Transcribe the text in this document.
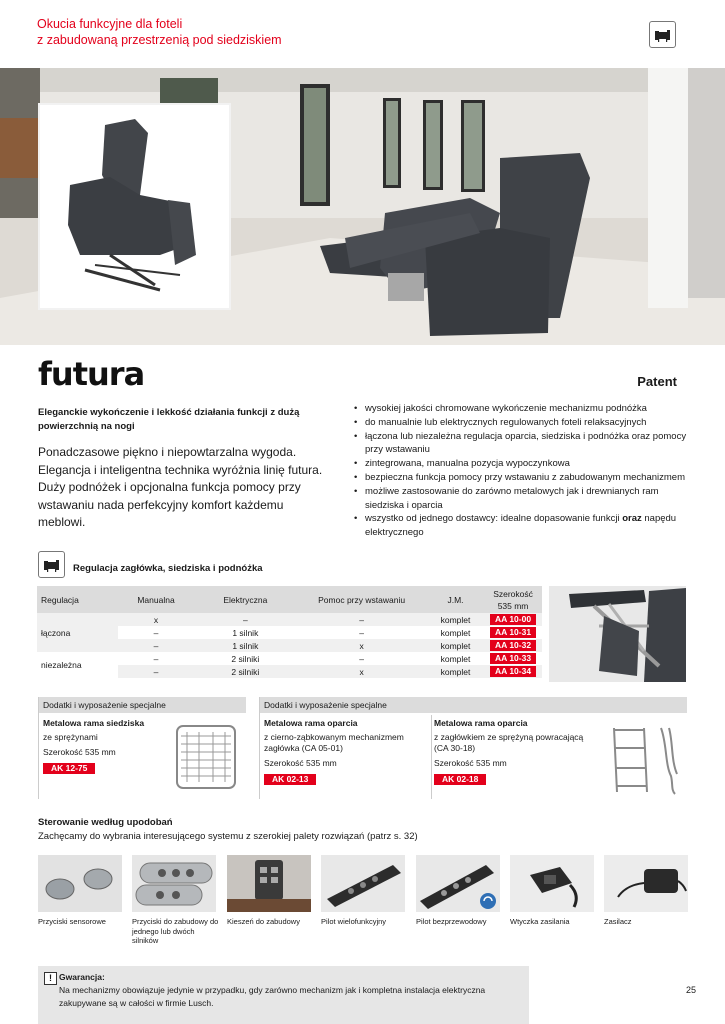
Okucia funkcyjne dla foteli
z zabudowaną przestrzenią pod siedziskiem
futura	Patent
Eleganckie wykończenie i lekkość działania funkcji z dużą powierzchnią na nogi
Ponadczasowe piękno i niepowtarzalna wygoda. Elegancja i inteligentna technika wyróżnia linię futura. Duży podnóżek i opcjonalna funkcja pomocy przy wstawaniu nada perfekcyjny komfort każdemu meblowi.
• wysokiej jakości chromowane wykończenie mechanizmu podnóżka
• do manualnie lub elektrycznych regulowanych foteli relaksacyjnych
• łączona lub niezależna regulacja oparcia, siedziska i podnóżka oraz pomocy przy wstawaniu
• zintegrowana, manualna pozycja wypoczynkowa
• bezpieczna funkcja pomocy przy wstawaniu z zabudowanym mechanizmem
• możliwe zastosowanie do zarówno metalowych jak i drewnianych ram siedziska i oparcia
• wszystko od jednego dostawcy: idealne dopasowanie funkcji oraz napędu elektrycznego
Regulacja zagłówka, siedziska i podnóżka
Regulacja	Manualna	Elektryczna	Pomoc przy wstawaniu	J.M.	Szerokość 535 mm
łączona	x	–	–	komplet	AA 10-00
	–	1 silnik	–	komplet	AA 10-31
	–	1 silnik	x	komplet	AA 10-32
niezależna	–	2 silniki	–	komplet	AA 10-33
	–	2 silniki	x	komplet	AA 10-34
Dodatki i wyposażenie specjalne
Metalowa rama siedziska
ze sprężynami
Szerokość 535 mm
AK 12-75
Dodatki i wyposażenie specjalne
Metalowa rama oparcia
z cierno-ząbkowanym mechanizmem
zagłówka (CA 05-01)
Szerokość 535 mm
AK 02-13
Metalowa rama oparcia
z zagłówkiem ze sprężyną powracającą
(CA 30-18)
Szerokość 535 mm
AK 02-18
Sterowanie według upodobań
Zachęcamy do wybrania interesującego systemu z szerokiej palety rozwiązań (patrz s. 32)
Przyciski sensorowe	Przyciski do zabudowy do jednego lub dwóch silników
Kieszeń do zabudowy	Pilot wielofunkcyjny	Pilot bezprzewodowy	Wtyczka zasilania	Zasilacz
! Gwarancja:
Na mechanizmy obowiązuje jedynie w przypadku, gdy zarówno mechanizm jak i kompletna instalacja elektryczna zakupywane są w całości w firmie Lusch.
25
